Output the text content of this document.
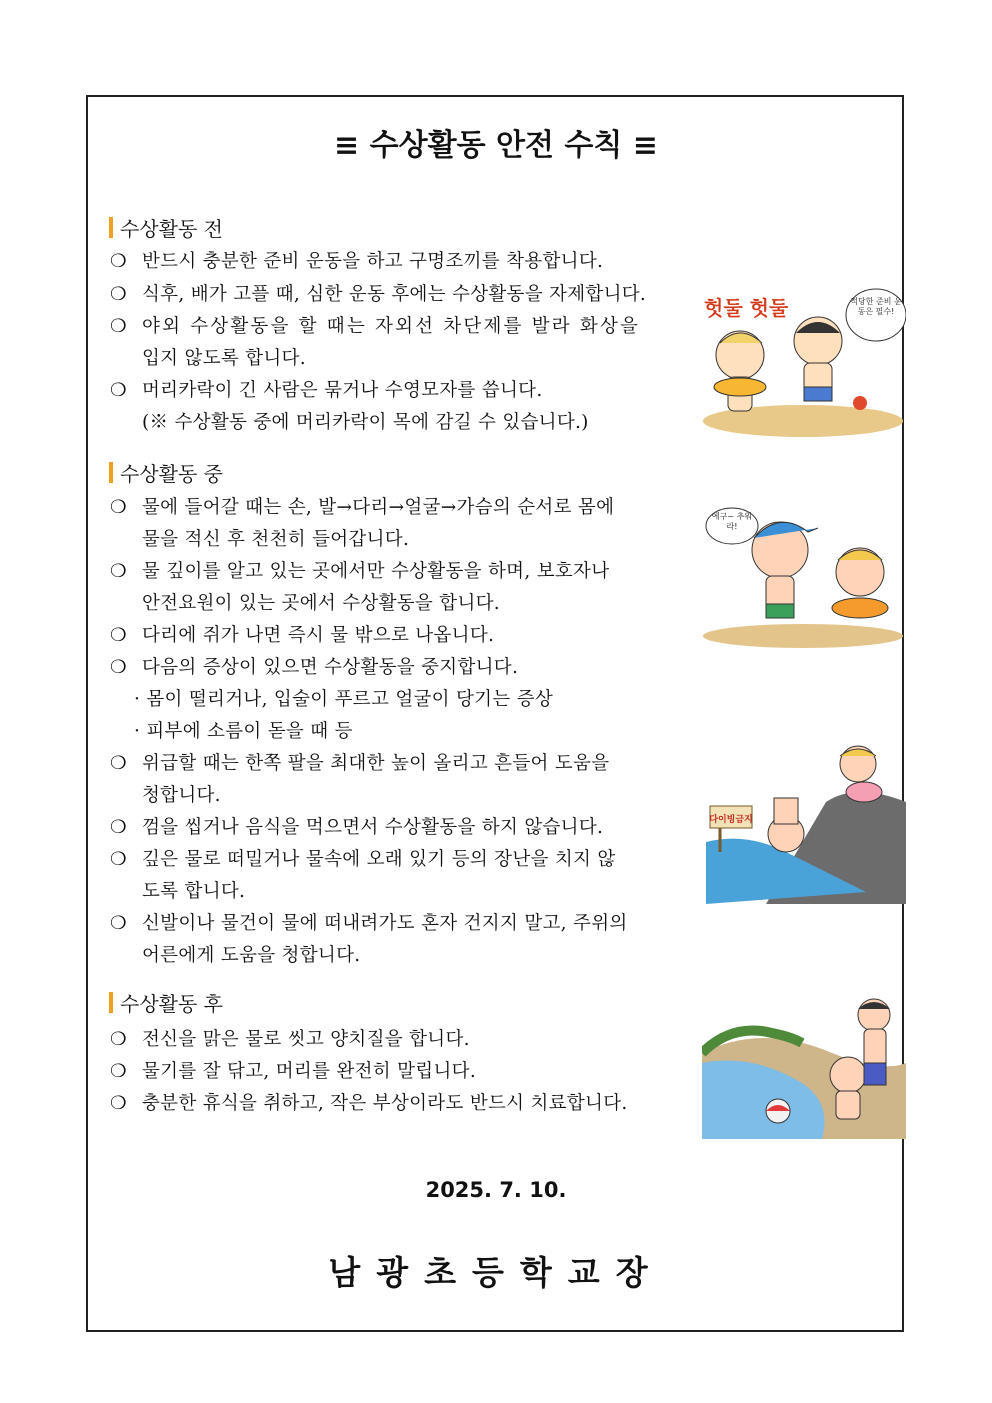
≡ 수상활동 안전 수칙 ≡
수상활동 전
❍ 반드시 충분한 준비 운동을 하고 구명조끼를 착용합니다.
❍ 식후, 배가 고플 때, 심한 운동 후에는 수상활동을 자제합니다.
❍ 야외 수상활동을 할 때는 자외선 차단제를 발라 화상을
입지 않도록 합니다.
❍ 머리카락이 긴 사람은 묶거나 수영모자를 씁니다.
(※ 수상활동 중에 머리카락이 목에 감길 수 있습니다.)
수상활동 중
❍ 물에 들어갈 때는 손, 발→다리→얼굴→가슴의 순서로 몸에
물을 적신 후 천천히 들어갑니다.
❍ 물 깊이를 알고 있는 곳에서만 수상활동을 하며, 보호자나
안전요원이 있는 곳에서 수상활동을 합니다.
❍ 다리에 쥐가 나면 즉시 물 밖으로 나옵니다.
❍ 다음의 증상이 있으면 수상활동을 중지합니다.
· 몸이 떨리거나, 입술이 푸르고 얼굴이 당기는 증상
· 피부에 소름이 돋을 때 등
❍ 위급할 때는 한쪽 팔을 최대한 높이 올리고 흔들어 도움을
청합니다.
❍ 껌을 씹거나 음식을 먹으면서 수상활동을 하지 않습니다.
❍ 깊은 물로 떠밀거나 물속에 오래 있기 등의 장난을 치지 않
도록 합니다.
❍ 신발이나 물건이 물에 떠내려가도 혼자 건지지 말고, 주위의
어른에게 도움을 청합니다.
수상활동 후
❍ 전신을 맑은 물로 씻고 양치질을 합니다.
❍ 물기를 잘 닦고, 머리를 완전히 말립니다.
❍ 충분한 휴식을 취하고, 작은 부상이라도 반드시 치료합니다.
헛둘 헛둘	적당한 준비 운동은 필수!
에구~ 추워라!
다이빙금지
2025. 7. 10.
남광초등학교장
